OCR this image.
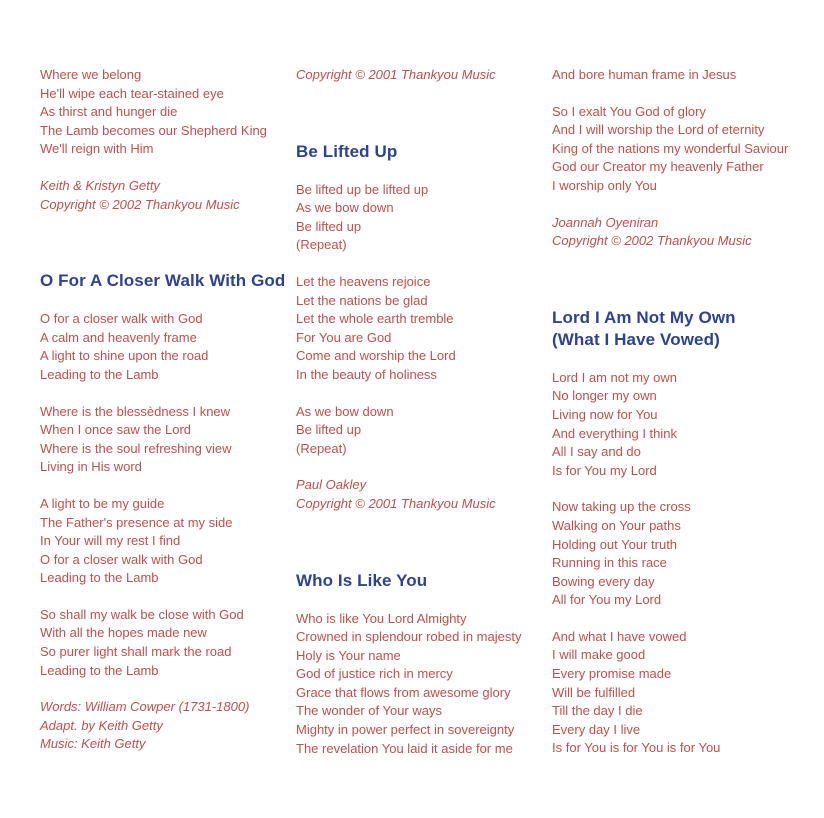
Where we belong
He'll wipe each tear-stained eye
As thirst and hunger die
The Lamb becomes our Shepherd King
We'll reign with Him
Keith & Kristyn Getty
Copyright © 2002 Thankyou Music
O For A Closer Walk With God
O for a closer walk with God
A calm and heavenly frame
A light to shine upon the road
Leading to the Lamb
Where is the blessèdness I knew
When I once saw the Lord
Where is the soul refreshing view
Living in His word
A light to be my guide
The Father's presence at my side
In Your will my rest I find
O for a closer walk with God
Leading to the Lamb
So shall my walk be close with God
With all the hopes made new
So purer light shall mark the road
Leading to the Lamb
Words: William Cowper (1731-1800)
Adapt. by Keith Getty
Music: Keith Getty
Copyright © 2001 Thankyou Music
Be Lifted Up
Be lifted up be lifted up
As we bow down
Be lifted up
(Repeat)
Let the heavens rejoice
Let the nations be glad
Let the whole earth tremble
For You are God
Come and worship the Lord
In the beauty of holiness
As we bow down
Be lifted up
(Repeat)
Paul Oakley
Copyright © 2001 Thankyou Music
Who Is Like You
Who is like You Lord Almighty
Crowned in splendour robed in majesty
Holy is Your name
God of justice rich in mercy
Grace that flows from awesome glory
The wonder of Your ways
Mighty in power perfect in sovereignty
The revelation You laid it aside for me
And bore human frame in Jesus
So I exalt You God of glory
And I will worship the Lord of eternity
King of the nations my wonderful Saviour
God our Creator my heavenly Father
I worship only You
Joannah Oyeniran
Copyright © 2002 Thankyou Music
Lord I Am Not My Own
(What I Have Vowed)
Lord I am not my own
No longer my own
Living now for You
And everything I think
All I say and do
Is for You my Lord
Now taking up the cross
Walking on Your paths
Holding out Your truth
Running in this race
Bowing every day
All for You my Lord
And what I have vowed
I will make good
Every promise made
Will be fulfilled
Till the day I die
Every day I live
Is for You is for You is for You
